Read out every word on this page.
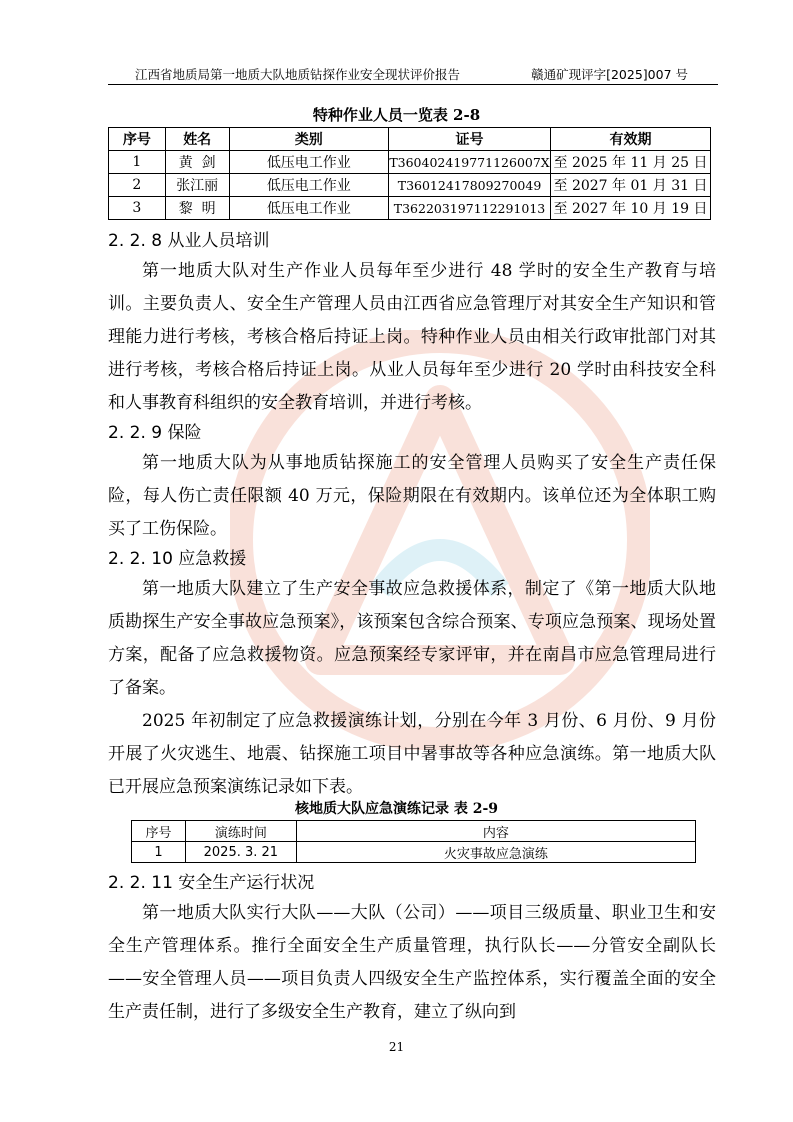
江西省地质局第一地质大队地质钻探作业安全现状评价报告	赣通矿现评字[2025]007 号
特种作业人员一览表 2-8
序号	姓名	类别	证号	有效期
1	黄  剑	低压电工作业	T360402419771126007X	至 2025 年 11 月 25 日
2	张江丽	低压电工作业	T36012417809270049	至 2027 年 01 月 31 日
3	黎  明	低压电工作业	T362203197112291013	至 2027 年 10 月 19 日
2. 2. 8 从业人员培训

第一地质大队对生产作业人员每年至少进行 48 学时的安全生产教育与培训。主要负责人、安全生产管理人员由江西省应急管理厅对其安全生产知识和管理能力进行考核，考核合格后持证上岗。特种作业人员由相关行政审批部门对其进行考核，考核合格后持证上岗。从业人员每年至少进行 20 学时由科技安全科和人事教育科组织的安全教育培训，并进行考核。

2. 2. 9 保险

第一地质大队为从事地质钻探施工的安全管理人员购买了安全生产责任保险，每人伤亡责任限额 40 万元，保险期限在有效期内。该单位还为全体职工购买了工伤保险。

2. 2. 10 应急救援

第一地质大队建立了生产安全事故应急救援体系，制定了《第一地质大队地质勘探生产安全事故应急预案》，该预案包含综合预案、专项应急预案、现场处置方案，配备了应急救援物资。应急预案经专家评审，并在南昌市应急管理局进行了备案。

2025 年初制定了应急救援演练计划，分别在今年 3 月份、6 月份、9 月份开展了火灾逃生、地震、钻探施工项目中暑事故等各种应急演练。第一地质大队已开展应急预案演练记录如下表。

核地质大队应急演练记录 表 2-9
序号	演练时间	内容
1	2025. 3. 21	火灾事故应急演练
2. 2. 11 安全生产运行状况

第一地质大队实行大队——大队（公司）——项目三级质量、职业卫生和安全生产管理体系。推行全面安全生产质量管理，执行队长——分管安全副队长——安全管理人员——项目负责人四级安全生产监控体系，实行覆盖全面的安全生产责任制，进行了多级安全生产教育，建立了纵向到

21
